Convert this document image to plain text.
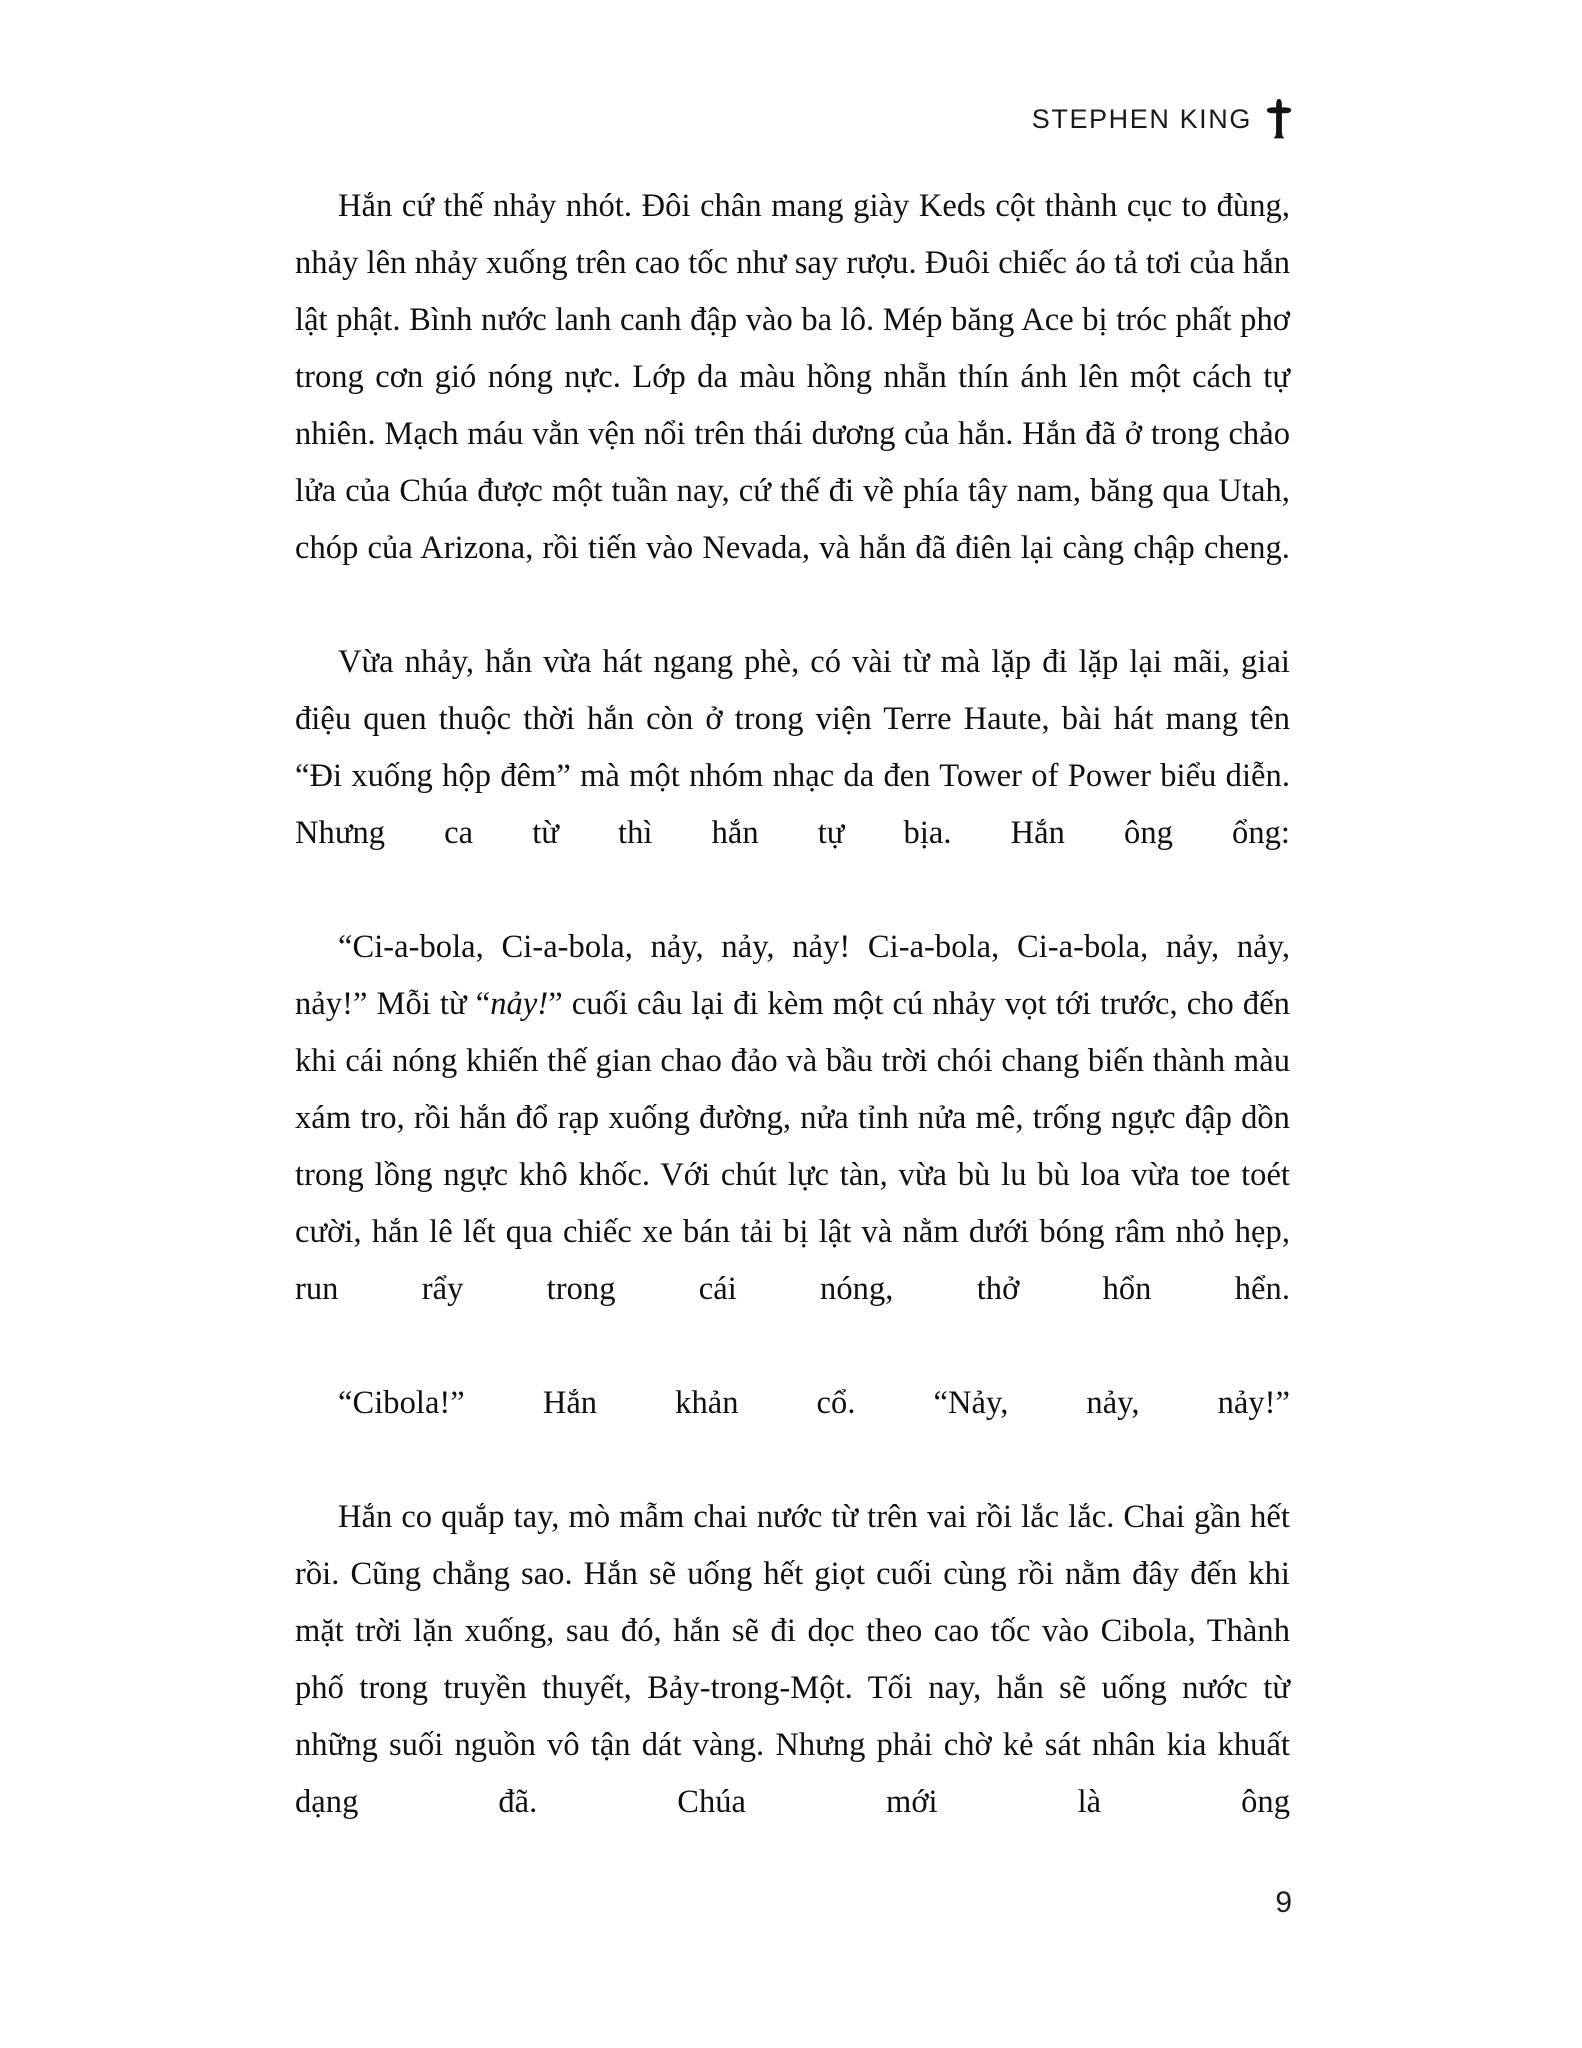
STEPHEN KING

Hắn cứ thế nhảy nhót. Đôi chân mang giày Keds cột thành cục to đùng, nhảy lên nhảy xuống trên cao tốc như say rượu. Đuôi chiếc áo tả tơi của hắn lật phật. Bình nước lanh canh đập vào ba lô. Mép băng Ace bị tróc phất phơ trong cơn gió nóng nực. Lớp da màu hồng nhẵn thín ánh lên một cách tự nhiên. Mạch máu vằn vện nổi trên thái dương của hắn. Hắn đã ở trong chảo lửa của Chúa được một tuần nay, cứ thế đi về phía tây nam, băng qua Utah, chóp của Arizona, rồi tiến vào Nevada, và hắn đã điên lại càng chập cheng.

Vừa nhảy, hắn vừa hát ngang phè, có vài từ mà lặp đi lặp lại mãi, giai điệu quen thuộc thời hắn còn ở trong viện Terre Haute, bài hát mang tên “Đi xuống hộp đêm” mà một nhóm nhạc da đen Tower of Power biểu diễn. Nhưng ca từ thì hắn tự bịa. Hắn ông ổng:

“Ci-a-bola, Ci-a-bola, nảy, nảy, nảy! Ci-a-bola, Ci-a-bola, nảy, nảy, nảy!” Mỗi từ “nảy!” cuối câu lại đi kèm một cú nhảy vọt tới trước, cho đến khi cái nóng khiến thế gian chao đảo và bầu trời chói chang biến thành màu xám tro, rồi hắn đổ rạp xuống đường, nửa tỉnh nửa mê, trống ngực đập dồn trong lồng ngực khô khốc. Với chút lực tàn, vừa bù lu bù loa vừa toe toét cười, hắn lê lết qua chiếc xe bán tải bị lật và nằm dưới bóng râm nhỏ hẹp, run rẩy trong cái nóng, thở hổn hển.

“Cibola!” Hắn khản cổ. “Nảy, nảy, nảy!”

Hắn co quắp tay, mò mẫm chai nước từ trên vai rồi lắc lắc. Chai gần hết rồi. Cũng chẳng sao. Hắn sẽ uống hết giọt cuối cùng rồi nằm đây đến khi mặt trời lặn xuống, sau đó, hắn sẽ đi dọc theo cao tốc vào Cibola, Thành phố trong truyền thuyết, Bảy-trong-Một. Tối nay, hắn sẽ uống nước từ những suối nguồn vô tận dát vàng. Nhưng phải chờ kẻ sát nhân kia khuất dạng đã. Chúa mới là ông

9
